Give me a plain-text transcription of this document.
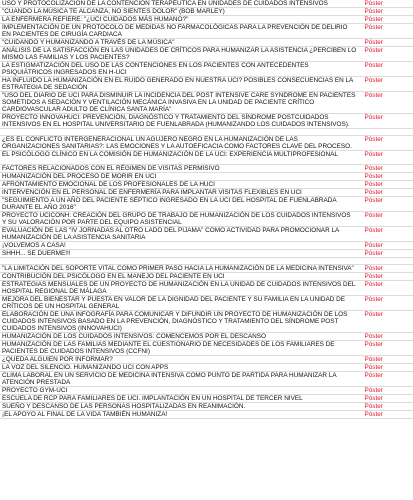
USO Y PROTOCOLIZACIÓN DE LA CONTENCIÓN TERAPÉUTICA EN UNIDADES DE CUIDADOS INTENSIVOS	Póster
"CUANDO LA MÚSICA TE ALCANZA, NO SIENTES DOLOR" (BOB MARLEY)	Póster
LA ENFERMERA REFIERE: "¿UCI CUIDADOS MÁS HUMANO?"	Póster
IMPLEMENTACIÓN DE UN PROTOCOLO DE MEDIDAS NO FARMACOLÓGICAS PARA LA PREVENCIÓN DE DELIRIO EN PACIENTES DE CIRUGÍA CARDIACA	Póster
"CUIDANDO Y HUMANIZANDO A TRAVÉS DE LA MÚSICA"	Póster
ANÁLISIS DE LA SATISFACCIÓN EN LAS UNIDADES DE CRÍTICOS PARA HUMANIZAR LA ASISTENCIA ¿PERCIBEN LO MISMO LAS FAMILIAS Y LOS PACIENTES?	Póster
LA ESTIGMATIZACIÓN DEL USO DE LAS CONTENCIONES EN LOS PACIENTES CON ANTECEDENTES PSIQUIÁTRICOS INGRESADOS EN H-UCI	Póster
HA INFLUIDO LA HUMANIZACIÓN EN EL RUIDO GENERADO EN NUESTRA UCI? POSIBLES CONSECUENCIAS EN LA ESTRATEGIA DE SEDACIÓN	Póster
"USO DEL DIARIO DE UCI PARA DISMINUIR LA INCIDENCIA DEL POST INTENSIVE CARE SYNDROME EN PACIENTES SOMETIDOS A SEDACIÓN Y VENTILACIÓN MECÁNICA INVASIVA EN LA UNIDAD DE PACIENTE CRÍTICO CARDIOVASCULAR ADULTO DE CLÍNICA SANTA MARÍA"	Póster
PROYECTO INNOVAHUCI: PREVENCIÓN, DIAGNÓSTICO Y TRATAMIENTO DEL SÍNDROME POSTCUIDADOS INTENSIVOS EN EL HOSPITAL UNIVERSITARIO DE FUENLABRADA (HUMANIZANDO LOS CUIDADOS INTENSIVOS).	Póster

¿ES EL CONFLICTO INTERGENERACIONAL UN AGUJERO NEGRO EN LA HUMANIZACIÓN DE LAS ORGANIZACIONES SANITARIAS?: LAS EMOCIONES Y LA AUTOEFICACIA COMO FACTORES CLAVE DEL PROCESO.	Póster
EL PSICÓLOGO CLÍNICO EN LA COMISIÓN DE HUMANIZACIÓN DE LA UCI: EXPERIENCIA MULTIPROFESIONAL	Póster
FACTORES RELACIONADOS CON EL RÉGIMEN DE VISITAS PERMISIVO	Póster
HUMANIZACIÓN DEL PROCESO DE MORIR EN UCI	Póster
AFRONTAMIENTO EMOCIONAL DE LOS PROFESIONALES DE LA HUCI	Póster
INTERVENCIÓN EN EL PERSONAL DE ENFERMERÍA PARA IMPLANTAR VISITAS FLEXIBLES EN UCI	Póster
"SEGUIMIENTO A UN AÑO DEL PACIENTE SÉPTICO INGRESADO EN LA UCI DEL HOSPITAL DE FUENLABRADA DURANTE EL AÑO 2016"	Póster
PROYECTO UCICONH: CREACIÓN DEL GRUPO DE TRABAJO DE HUMANIZACIÓN DE LOS CUIDADOS INTENSIVOS Y SU VALORACIÓN POR PARTE DEL EQUIPO ASISTENCIAL	Póster
EVALUACIÓN DE LAS "IV JORNADAS AL OTRO LADO DEL PIJAMA" COMO ACTIVIDAD PARA PROMOCIONAR LA HUMANIZACIÓN DE LA ASISTENCIA SANITARIA	Póster
¡VOLVEMOS A CASA!	Póster
SHHH... SE DUERME!!!	Póster

"LA LIMITACIÓN DEL SOPORTE VITAL COMO PRIMER PASO HACIA LA HUMANIZACIÓN DE LA MEDICINA INTENSIVA"	Póster
CONTRIBUCIÓN DEL PSICÓLOGO EN EL MANEJO DEL PACIENTE EN UCI	Póster
ESTRATEGIAS MENSUALES DE UN PROYECTO DE HUMANIZACIÓN EN LA UNIDAD DE CUIDADOS INTENSIVOS DEL HOSPITAL REGIONAL DE MÁLAGA	Póster
MEJORA DEL BIENESTAR Y PUESTA EN VALOR DE LA DIGNIDAD DEL PACIENTE Y SU FAMILIA EN LA UNIDAD DE CRÍTICOS DE UN HOSPITAL GENERAL	Póster
ELABORACIÓN DE UNA INFOGRAFÍA PARA COMUNICAR Y DIFUNDIR UN PROYECTO DE HUMANIZACIÓN DE LOS CUIDADOS INTENSIVOS BASADO EN LA PREVENCIÓN, DIAGNÓSTICO Y TRATAMIENTO DEL SÍNDROME POST CUIDADOS INTENSIVOS (INNOVAHUCI)	Póster
HUMANIZACIÓN DE LOS CUIDADOS INTENSIVOS: COMENCEMOS POR EL DESCANSO	Póster
HUMANIZACIÓN DE LAS FAMILIAS MEDIANTE EL CUESTIONARIO DE NECESIDADES DE LOS FAMILIARES DE PACIENTES DE CUIDADOS INTENSIVOS (CCFNI)	Póster
¿QUEDA ALGUIEN POR INFORMAR?	Póster
LA VOZ DEL SILENCIO. HUMANIZANDO UCI CON APPS	Póster
CLIMA LABORAL EN UN SERVICIO DE MEDICINA INTENSIVA COMO PUNTO DE PARTIDA PARA HUMANIZAR LA ATENCIÓN PRESTADA	Póster
PROYECTO GYM-UCI	Póster
ESCUELA DE RCP PARA FAMILIARES DE UCI. IMPLANTACIÓN EN UN HOSPITAL DE TERCER NIVEL	Póster
SUEÑO Y DESCANSO DE LAS PERSONAS HOSPITALIZADAS EN REANIMACIÓN.	Póster
¡EL APOYO AL FINAL DE LA VIDA TAMBIÉN HUMANIZA!	Póster
